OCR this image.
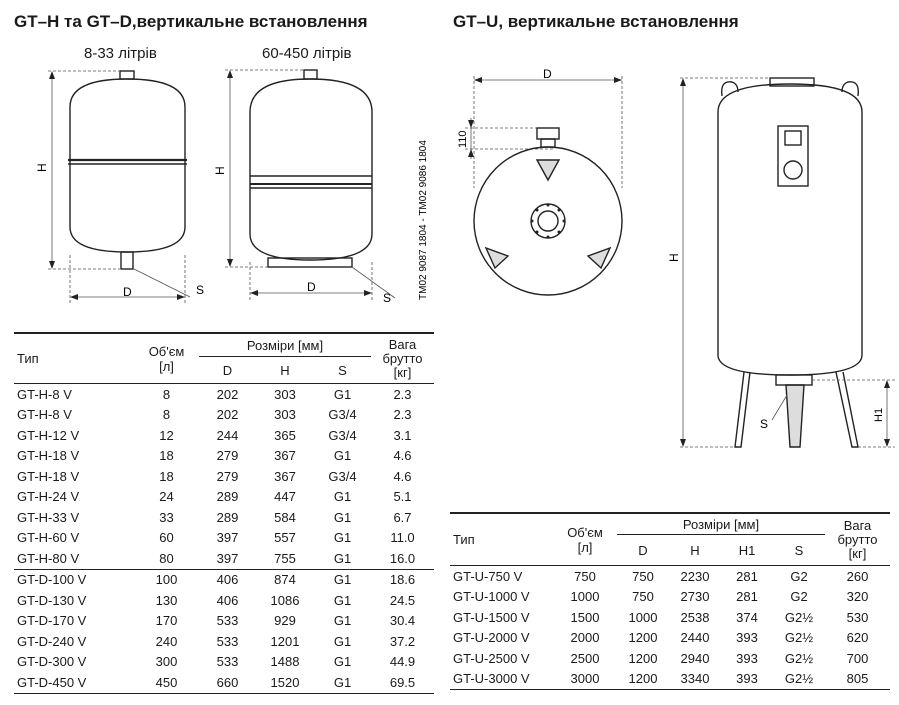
GT–H та GT–D,вертикальне встановлення
8-33 літрів	60-450 літрів
H
D	S
H
D
S	TM02 9087 1804 - TM02 9086 1804
Тип	Об'єм
[л]	Розміри [мм]			Вага
брутто
[кг]
		D	H	S	
GT-H-8 V	8	202	303	G1	2.3
GT-H-8 V	8	202	303	G3/4	2.3
GT-H-12 V	12	244	365	G3/4	3.1
GT-H-18 V	18	279	367	G1	4.6
GT-H-18 V	18	279	367	G3/4	4.6
GT-H-24 V	24	289	447	G1	5.1
GT-H-33 V	33	289	584	G1	6.7
GT-H-60 V	60	397	557	G1	11.0
GT-H-80 V	80	397	755	G1	16.0
GT-D-100 V	100	406	874	G1	18.6
GT-D-130 V	130	406	1086	G1	24.5
GT-D-170 V	170	533	929	G1	30.4
GT-D-240 V	240	533	1201	G1	37.2
GT-D-300 V	300	533	1488	G1	44.9
GT-D-450 V	450	660	1520	G1	69.5
GT–U, вертикальне встановлення
D
110
H
H1
S
Тип	Об'єм
[л]	Розміри [мм]				Вага
брутто
[кг]
		D	H	H1	S	
GT-U-750 V	750	750	2230	281	G2	260
GT-U-1000 V	1000	750	2730	281	G2	320
GT-U-1500 V	1500	1000	2538	374	G2½	530
GT-U-2000 V	2000	1200	2440	393	G2½	620
GT-U-2500 V	2500	1200	2940	393	G2½	700
GT-U-3000 V	3000	1200	3340	393	G2½	805
